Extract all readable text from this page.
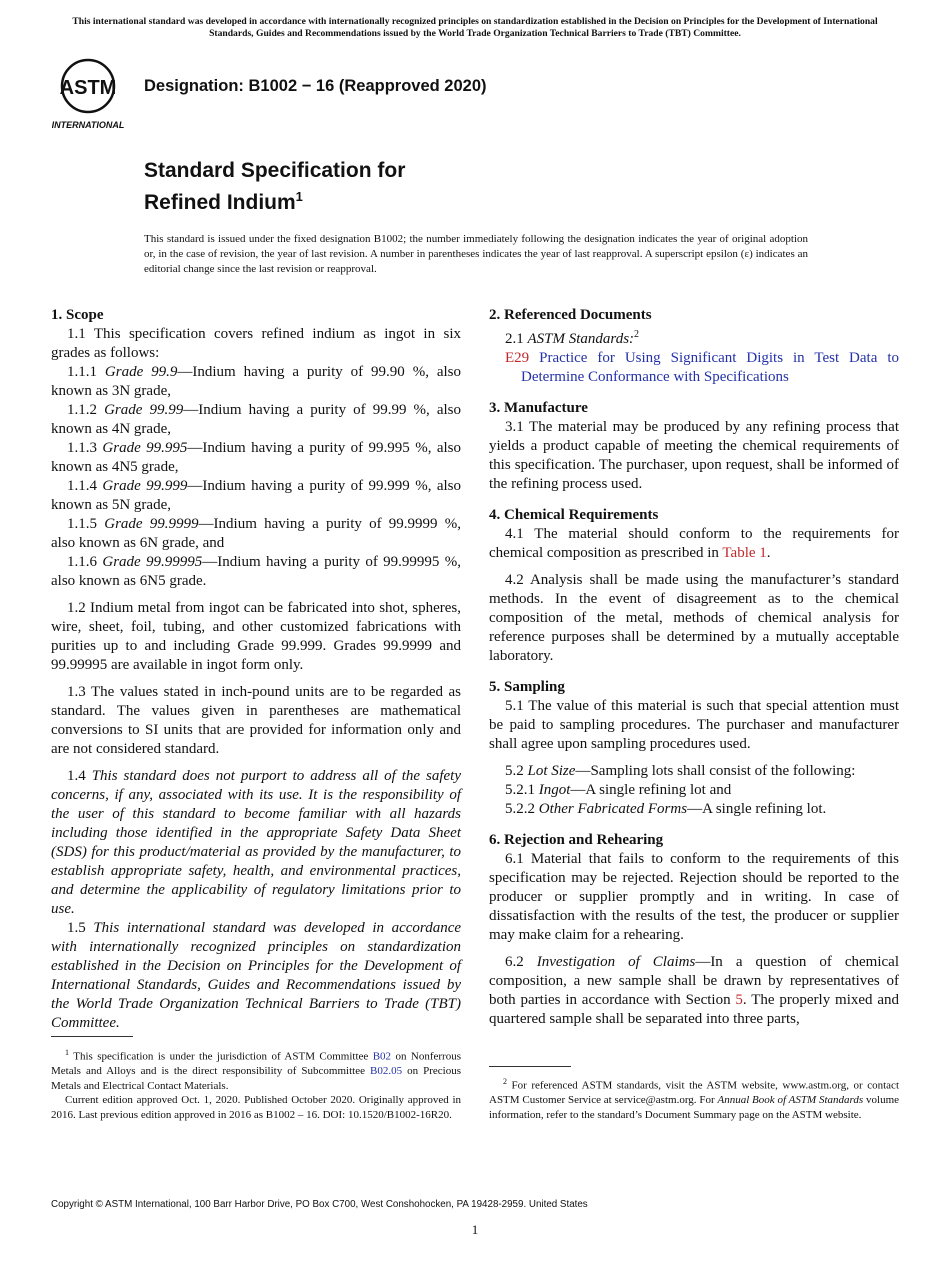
This international standard was developed in accordance with internationally recognized principles on standardization established in the Decision on Principles for the Development of International Standards, Guides and Recommendations issued by the World Trade Organization Technical Barriers to Trade (TBT) Committee.
ASTM
INTERNATIONAL
Designation: B1002 − 16 (Reapproved 2020)
Standard Specification for
Refined Indium$^1$
This standard is issued under the fixed designation B1002; the number immediately following the designation indicates the year of original adoption or, in the case of revision, the year of last revision. A number in parentheses indicates the year of last reapproval. A superscript epsilon (ε) indicates an editorial change since the last revision or reapproval.

1. Scope

1.1 This specification covers refined indium as ingot in six grades as follows:

1.1.1 Grade 99.9—Indium having a purity of 99.90 %, also known as 3N grade,

1.1.2 Grade 99.99—Indium having a purity of 99.99 %, also known as 4N grade,

1.1.3 Grade 99.995—Indium having a purity of 99.995 %, also known as 4N5 grade,

1.1.4 Grade 99.999—Indium having a purity of 99.999 %, also known as 5N grade,

1.1.5 Grade 99.9999—Indium having a purity of 99.9999 %, also known as 6N grade, and

1.1.6 Grade 99.99995—Indium having a purity of 99.99995 %, also known as 6N5 grade.

1.2 Indium metal from ingot can be fabricated into shot, spheres, wire, sheet, foil, tubing, and other customized fabrications with purities up to and including Grade 99.999. Grades 99.9999 and 99.99995 are available in ingot form only.

1.3 The values stated in inch-pound units are to be regarded as standard. The values given in parentheses are mathematical conversions to SI units that are provided for information only and are not considered standard.

1.4 This standard does not purport to address all of the safety concerns, if any, associated with its use. It is the responsibility of the user of this standard to become familiar with all hazards including those identified in the appropriate Safety Data Sheet (SDS) for this product/material as provided by the manufacturer, to establish appropriate safety, health, and environmental practices, and determine the applicability of regulatory limitations prior to use.

1.5 This international standard was developed in accordance with internationally recognized principles on standardization established in the Decision on Principles for the Development of International Standards, Guides and Recommendations issued by the World Trade Organization Technical Barriers to Trade (TBT) Committee.

2. Referenced Documents

2.1 ASTM Standards:$^2$

E29 Practice for Using Significant Digits in Test Data to Determine Conformance with Specifications

3. Manufacture

3.1 The material may be produced by any refining process that yields a product capable of meeting the chemical requirements of this specification. The purchaser, upon request, shall be informed of the refining process used.

4. Chemical Requirements

4.1 The material should conform to the requirements for chemical composition as prescribed in Table 1.

4.2 Analysis shall be made using the manufacturer’s standard methods. In the event of disagreement as to the chemical composition of the metal, methods of chemical analysis for reference purposes shall be determined by a mutually acceptable laboratory.

5. Sampling

5.1 The value of this material is such that special attention must be paid to sampling procedures. The purchaser and manufacturer shall agree upon sampling procedures used.

5.2 Lot Size—Sampling lots shall consist of the following:

5.2.1 Ingot—A single refining lot and

5.2.2 Other Fabricated Forms—A single refining lot.

6. Rejection and Rehearing

6.1 Material that fails to conform to the requirements of this specification may be rejected. Rejection should be reported to the producer or supplier promptly and in writing. In case of dissatisfaction with the results of the test, the producer or supplier may make claim for a rehearing.

6.2 Investigation of Claims—In a question of chemical composition, a new sample shall be drawn by representatives of both parties in accordance with Section 5. The properly mixed and quartered sample shall be separated into three parts,

$^1$ This specification is under the jurisdiction of ASTM Committee B02 on Nonferrous Metals and Alloys and is the direct responsibility of Subcommittee B02.05 on Precious Metals and Electrical Contact Materials.

Current edition approved Oct. 1, 2020. Published October 2020. Originally approved in 2016. Last previous edition approved in 2016 as B1002 – 16. DOI: 10.1520/B1002-16R20.

$^2$ For referenced ASTM standards, visit the ASTM website, www.astm.org, or contact ASTM Customer Service at service@astm.org. For Annual Book of ASTM Standards volume information, refer to the standard’s Document Summary page on the ASTM website.

Copyright © ASTM International, 100 Barr Harbor Drive, PO Box C700, West Conshohocken, PA 19428-2959. United States
1
